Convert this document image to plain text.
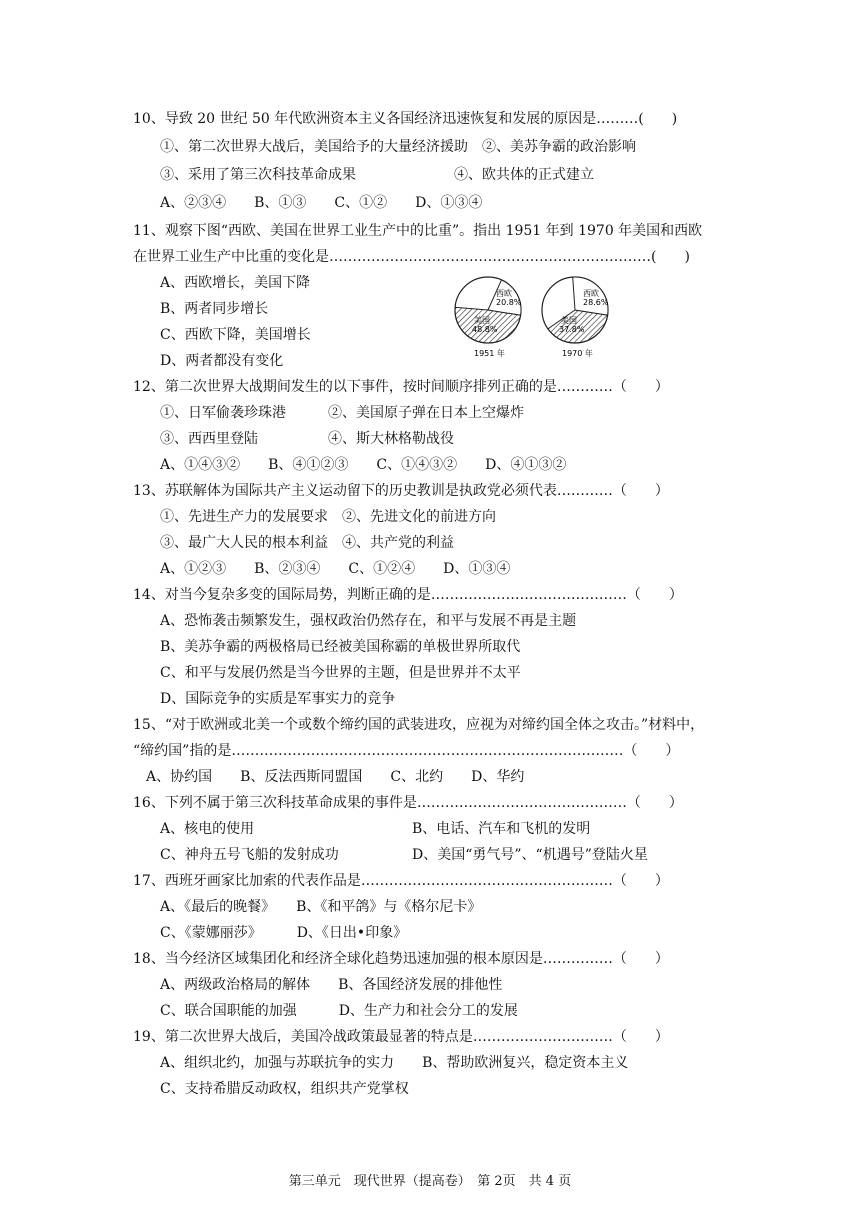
10、导致 20 世纪 50 年代欧洲资本主义各国经济迅速恢复和发展的原因是………(　　)
①、第二次世界大战后，美国给予的大量经济援助　②、美苏争霸的政治影响
③、采用了第三次科技革命成果　　　　　　　④、欧共体的正式建立
A、②③④　　B、①③　　C、①②　　D、①③④
11、观察下图“西欧、美国在世界工业生产中的比重”。指出 1951 年到 1970 年美国和西欧
在世界工业生产中比重的变化是……………………………………………………………(　　)
A、西欧增长，美国下降
B、两者同步增长
C、西欧下降，美国增长
D、两者都没有变化
西欧
20.8%
美国
48.8%
1951 年
西欧
28.6%
美国
37.8%
1970 年
12、第二次世界大战期间发生的以下事件，按时间顺序排列正确的是…………（　　）
①、日军偷袭珍珠港　　　②、美国原子弹在日本上空爆炸
③、西西里登陆　　　　　④、斯大林格勒战役
A、①④③②　　B、④①②③　　C、①④③②　　D、④①③②
13、苏联解体为国际共产主义运动留下的历史教训是执政党必须代表…………（　　）
①、先进生产力的发展要求　②、先进文化的前进方向
③、最广大人民的根本利益　④、共产党的利益
A、①②③　　B、②③④　　C、①②④　　D、①③④
14、对当今复杂多变的国际局势，判断正确的是……………………………………（　　）
A、恐怖袭击频繁发生，强权政治仍然存在，和平与发展不再是主题
B、美苏争霸的两极格局已经被美国称霸的单极世界所取代
C、和平与发展仍然是当今世界的主题，但是世界并不太平
D、国际竞争的实质是军事实力的竞争
15、“对于欧洲或北美一个或数个缔约国的武装进攻，应视为对缔约国全体之攻击。”材料中，
“缔约国”指的是…………………………………………………………………………（　　）
A、协约国　　B、反法西斯同盟国　　C、北约　　D、华约
16、下列不属于第三次科技革命成果的事件是………………………………………（　　）
A、核电的使用	B、电话、汽车和飞机的发明
C、神舟五号飞船的发射成功	D、美国“勇气号”、“机遇号”登陆火星
17、西班牙画家比加索的代表作品是………………………………………………（　　）
A、《最后的晚餐》　　B、《和平鸽》与《格尔尼卡》
C、《蒙娜丽莎》　　　D、《日出•印象》
18、当今经济区域集团化和经济全球化趋势迅速加强的根本原因是……………（　　）
A、两级政治格局的解体　　B、各国经济发展的排他性
C、联合国职能的加强　　　D、生产力和社会分工的发展
19、第二次世界大战后，美国冷战政策最显著的特点是…………………………（　　）
A、组织北约，加强与苏联抗争的实力　　B、帮助欧洲复兴，稳定资本主义
C、支持希腊反动政权，组织共产党掌权
第三单元　现代世界（提高卷）　第 2页　共 4 页
